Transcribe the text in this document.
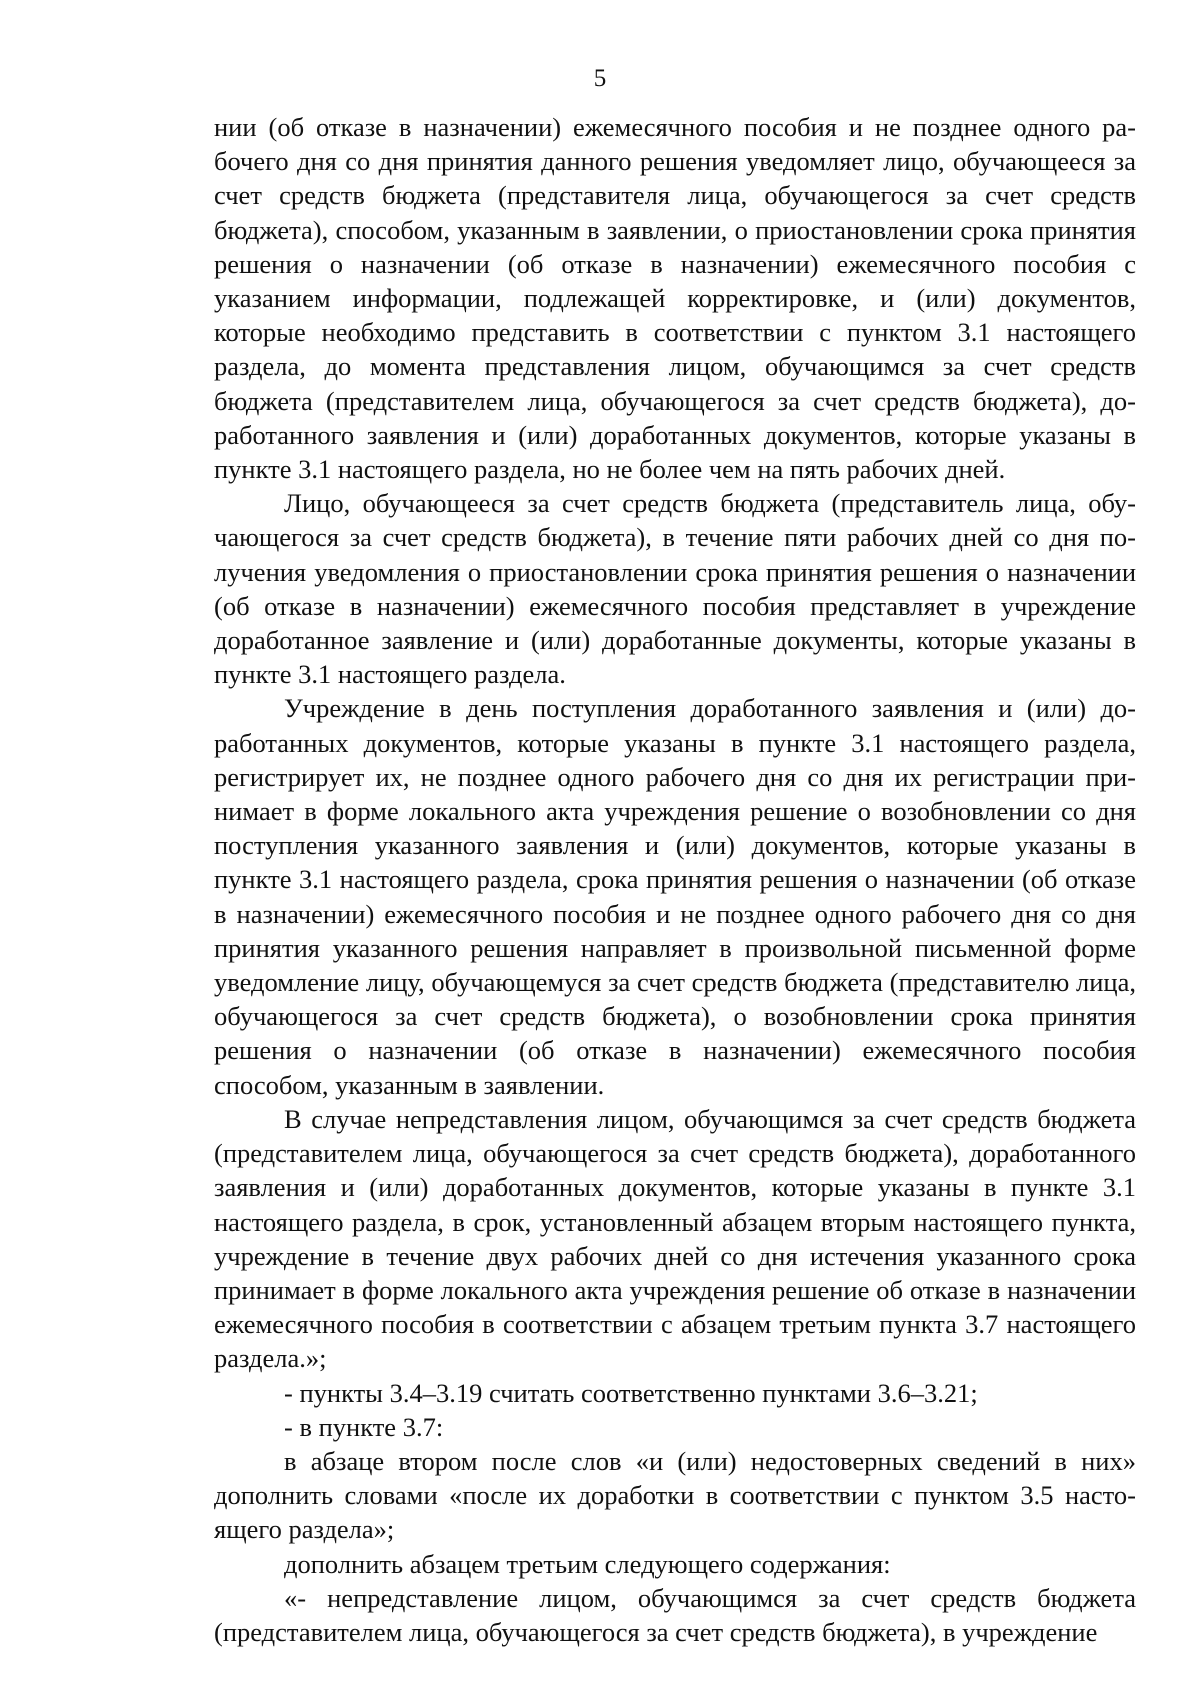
5

нии (об отказе в назначении) ежемесячного пособия и не позднее одного рабочего дня со дня принятия данного решения уведомляет лицо, обучающееся за счет средств бюджета (представителя лица, обучающегося за счет средств бюджета), способом, указанным в заявлении, о приостановлении срока принятия решения о назначении (об отказе в назначении) ежемесячного пособия с указанием информации, подлежащей корректировке, и (или) документов, которые необходимо представить в соответствии с пунктом 3.1 настоящего раздела, до момента представления лицом, обучающимся за счет средств бюджета (представителем лица, обучающегося за счет средств бюджета), доработанного заявления и (или) доработанных документов, которые указаны в пункте 3.1 настоящего раздела, но не более чем на пять рабочих дней.

Лицо, обучающееся за счет средств бюджета (представитель лица, обучающегося за счет средств бюджета), в течение пяти рабочих дней со дня получения уведомления о приостановлении срока принятия решения о назначении (об отказе в назначении) ежемесячного пособия представляет в учреждение доработанное заявление и (или) доработанные документы, которые указаны в пункте 3.1 настоящего раздела.

Учреждение в день поступления доработанного заявления и (или) доработанных документов, которые указаны в пункте 3.1 настоящего раздела, регистрирует их, не позднее одного рабочего дня со дня их регистрации принимает в форме локального акта учреждения решение о возобновлении со дня поступления указанного заявления и (или) документов, которые указаны в пункте 3.1 настоящего раздела, срока принятия решения о назначении (об отказе в назначении) ежемесячного пособия и не позднее одного рабочего дня со дня принятия указанного решения направляет в произвольной письменной форме уведомление лицу, обучающемуся за счет средств бюджета (представителю лица, обучающегося за счет средств бюджета), о возобновлении срока принятия решения о назначении (об отказе в назначении) ежемесячного пособия способом, указанным в заявлении.

В случае непредставления лицом, обучающимся за счет средств бюджета (представителем лица, обучающегося за счет средств бюджета), доработанного заявления и (или) доработанных документов, которые указаны в пункте 3.1 настоящего раздела, в срок, установленный абзацем вторым настоящего пункта, учреждение в течение двух рабочих дней со дня истечения указанного срока принимает в форме локального акта учреждения решение об отказе в назначении ежемесячного пособия в соответствии с абзацем третьим пункта 3.7 настоящего раздела.»;

- пункты 3.4–3.19 считать соответственно пунктами 3.6–3.21;

- в пункте 3.7:

в абзаце втором после слов «и (или) недостоверных сведений в них» дополнить словами «после их доработки в соответствии с пунктом 3.5 настоящего раздела»;

дополнить абзацем третьим следующего содержания:

«- непредставление лицом, обучающимся за счет средств бюджета (представителем лица, обучающегося за счет средств бюджета), в учреждение
